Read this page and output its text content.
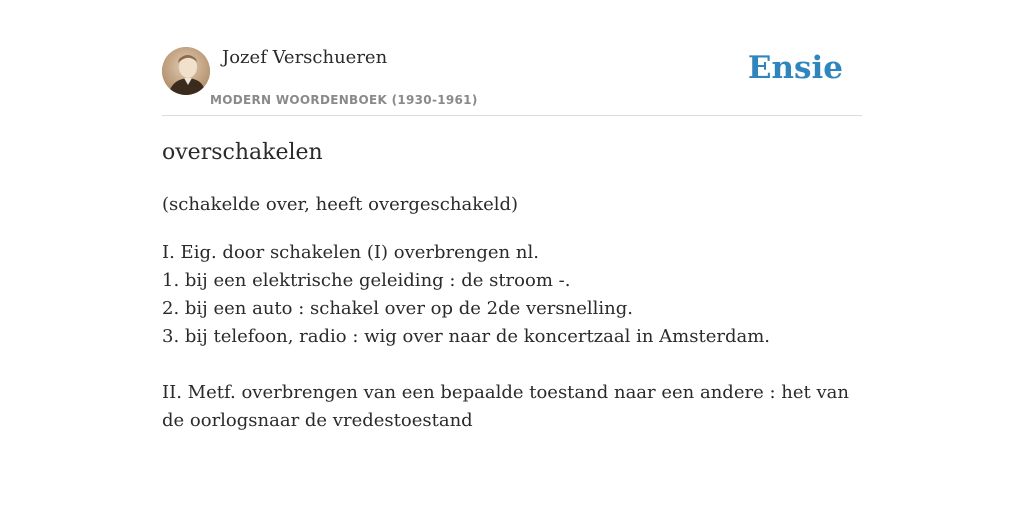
Jozef Verschueren
MODERN WOORDENBOEK (1930-1961)
Ensie
overschakelen
(schakelde over, heeft overgeschakeld)
I. Eig. door schakelen (I) overbrengen nl.
1. bij een elektrische geleiding : de stroom -.
2. bij een auto : schakel over op de 2de versnelling.
3. bij telefoon, radio : wig over naar de koncertzaal in Amsterdam.
II. Metf. overbrengen van een bepaalde toestand naar een andere : het van de oorlogsnaar de vredestoestand
